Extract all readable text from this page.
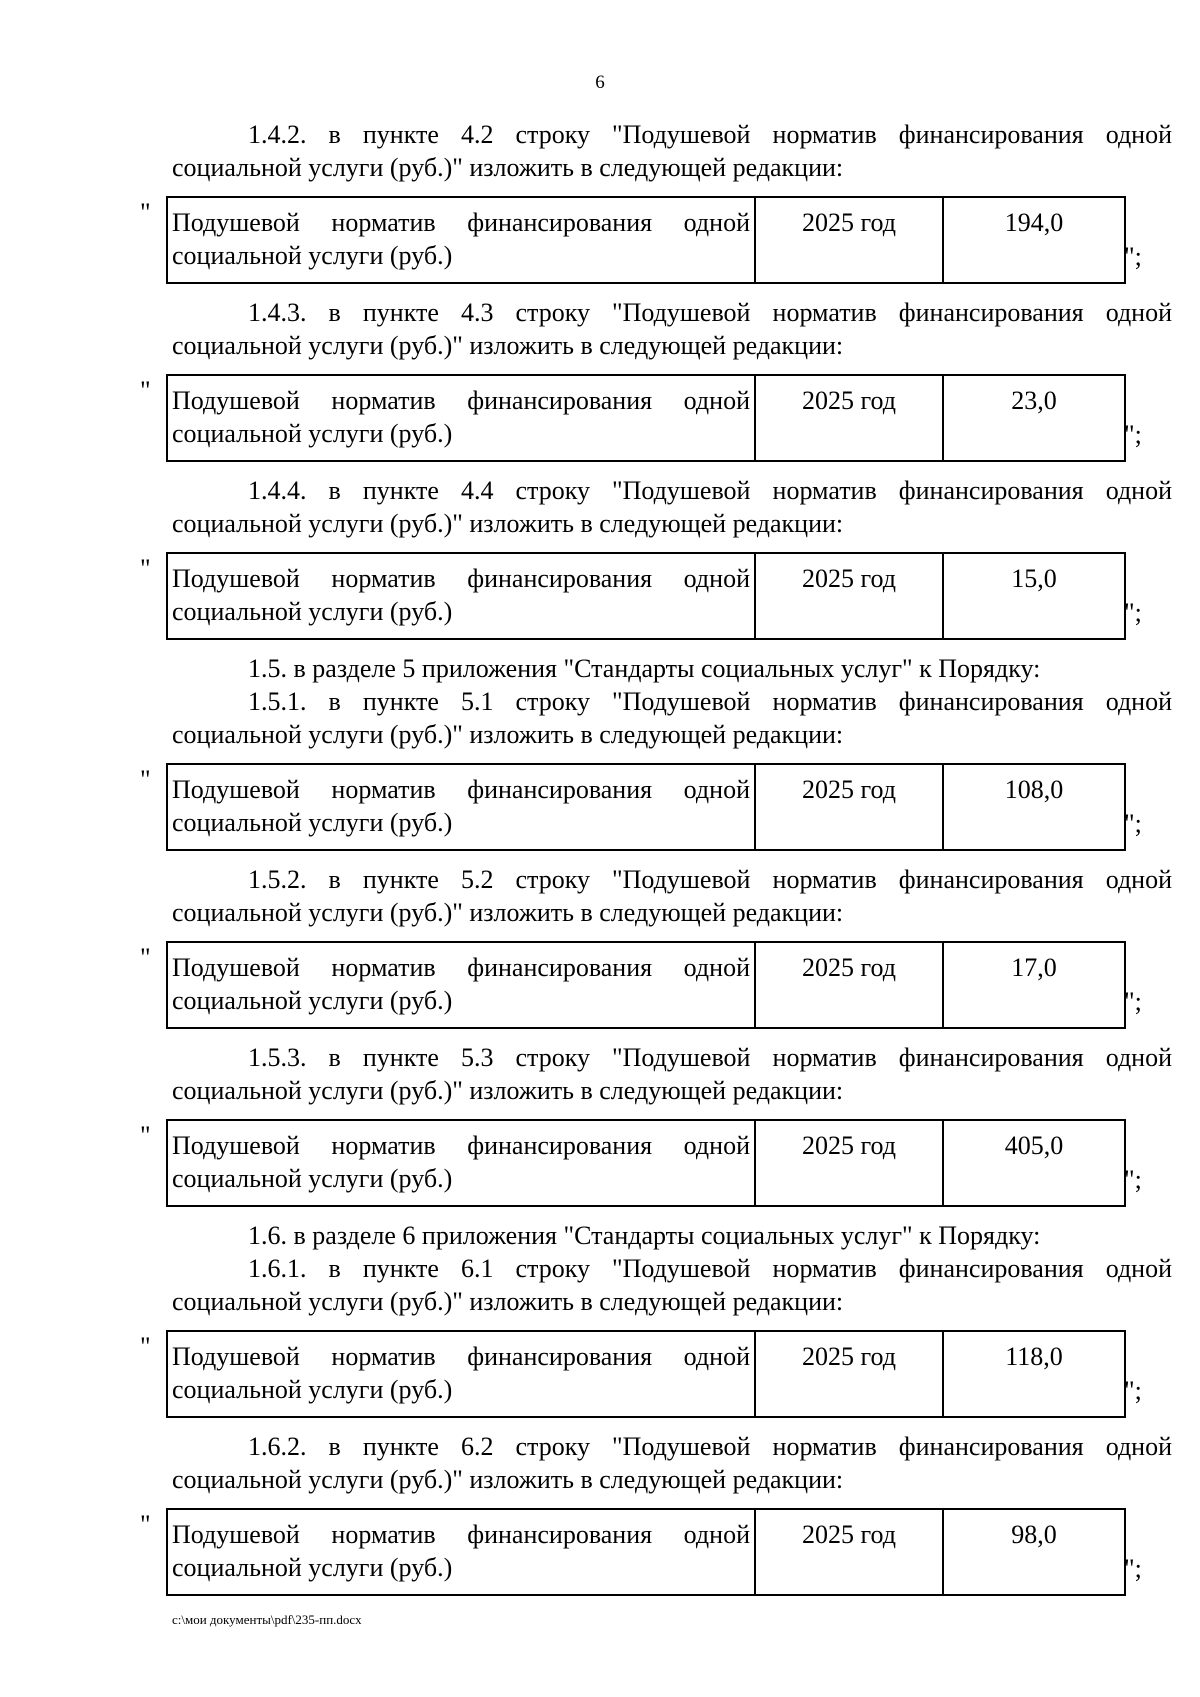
6

1.4.2. в пункте 4.2 строку "Подушевой норматив финансирования одной социальной услуги (руб.)" изложить в следующей редакции:

" Подушевой норматив финансирования одной
социальной услуги (руб.)	2025 год	194,0
";

1.4.3. в пункте 4.3 строку "Подушевой норматив финансирования одной социальной услуги (руб.)" изложить в следующей редакции:

" Подушевой норматив финансирования одной
социальной услуги (руб.)	2025 год	23,0
";

1.4.4. в пункте 4.4 строку "Подушевой норматив финансирования одной социальной услуги (руб.)" изложить в следующей редакции:

" Подушевой норматив финансирования одной
социальной услуги (руб.)	2025 год	15,0
";

1.5. в разделе 5 приложения "Стандарты социальных услуг" к Порядку:

1.5.1. в пункте 5.1 строку "Подушевой норматив финансирования одной социальной услуги (руб.)" изложить в следующей редакции:

" Подушевой норматив финансирования одной
социальной услуги (руб.)	2025 год	108,0
";

1.5.2. в пункте 5.2 строку "Подушевой норматив финансирования одной социальной услуги (руб.)" изложить в следующей редакции:

" Подушевой норматив финансирования одной
социальной услуги (руб.)	2025 год	17,0
";

1.5.3. в пункте 5.3 строку "Подушевой норматив финансирования одной социальной услуги (руб.)" изложить в следующей редакции:

" Подушевой норматив финансирования одной
социальной услуги (руб.)	2025 год	405,0
";

1.6. в разделе 6 приложения "Стандарты социальных услуг" к Порядку:

1.6.1. в пункте 6.1 строку "Подушевой норматив финансирования одной социальной услуги (руб.)" изложить в следующей редакции:

" Подушевой норматив финансирования одной
социальной услуги (руб.)	2025 год	118,0
";

1.6.2. в пункте 6.2 строку "Подушевой норматив финансирования одной социальной услуги (руб.)" изложить в следующей редакции:

" Подушевой норматив финансирования одной
социальной услуги (руб.)	2025 год	98,0
";
c:\мои документы\pdf\235-пп.docx
